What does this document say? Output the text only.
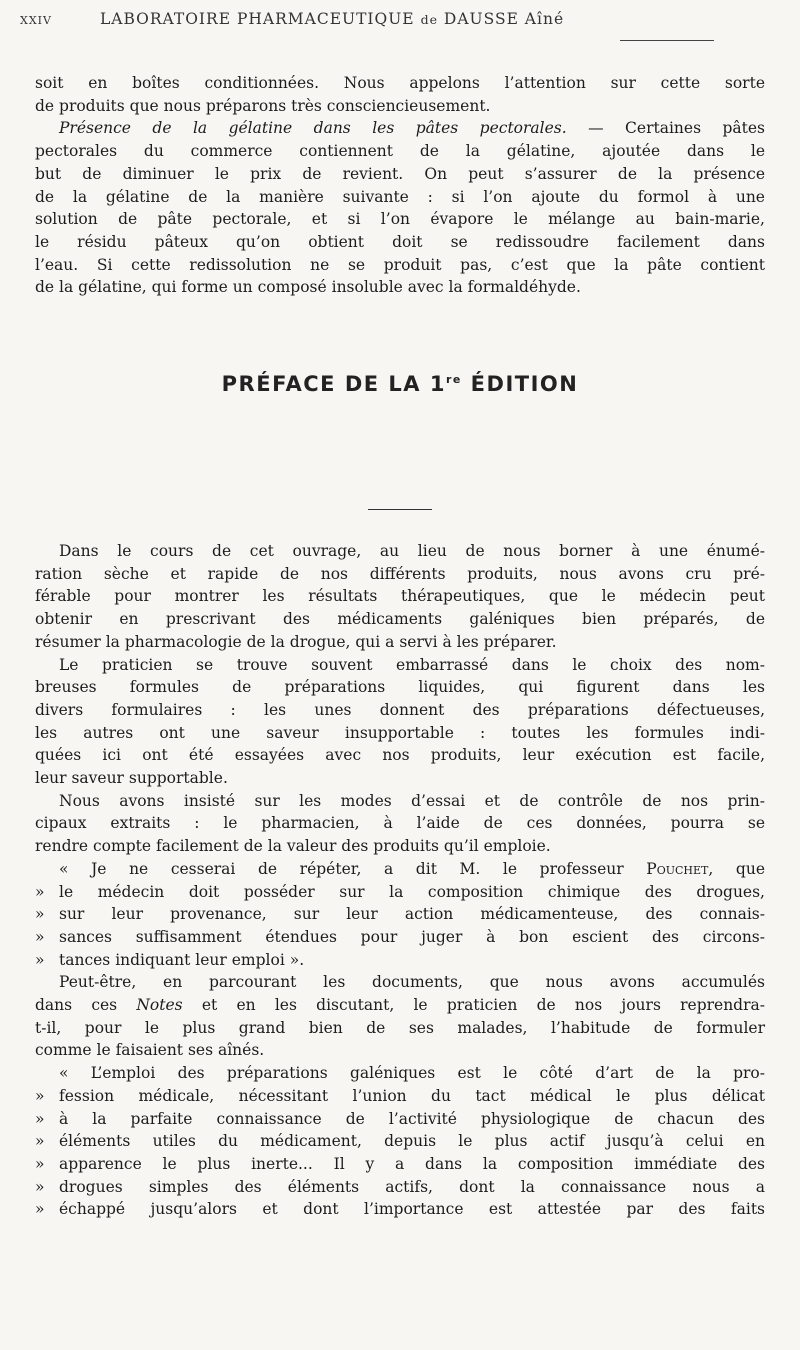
XXIV	LABORATOIRE PHARMACEUTIQUE de DAUSSE Aîné
soit en boîtes conditionnées. Nous appelons l’attention sur cette sorte
de produits que nous préparons très consciencieusement.
Présence de la gélatine dans les pâtes pectorales. — Certaines pâtes
pectorales du commerce contiennent de la gélatine, ajoutée dans le
but de diminuer le prix de revient. On peut s’assurer de la présence
de la gélatine de la manière suivante : si l’on ajoute du formol à une
solution de pâte pectorale, et si l’on évapore le mélange au bain-marie,
le résidu pâteux qu’on obtient doit se redissoudre facilement dans
l’eau. Si cette redissolution ne se produit pas, c’est que la pâte contient
de la gélatine, qui forme un composé insoluble avec la formaldéhyde.
PRÉFACE DE LA 1re ÉDITION
Dans le cours de cet ouvrage, au lieu de nous borner à une énumé-
ration sèche et rapide de nos différents produits, nous avons cru pré-
férable pour montrer les résultats thérapeutiques, que le médecin peut
obtenir en prescrivant des médicaments galéniques bien préparés, de
résumer la pharmacologie de la drogue, qui a servi à les préparer.
Le praticien se trouve souvent embarrassé dans le choix des nom-
breuses formules de préparations liquides, qui figurent dans les
divers formulaires : les unes donnent des préparations défectueuses,
les autres ont une saveur insupportable : toutes les formules indi-
quées ici ont été essayées avec nos produits, leur exécution est facile,
leur saveur supportable.
Nous avons insisté sur les modes d’essai et de contrôle de nos prin-
cipaux extraits : le pharmacien, à l’aide de ces données, pourra se
rendre compte facilement de la valeur des produits qu’il emploie.
« Je ne cesserai de répéter, a dit M. le professeur Pouchet, que
» le médecin doit posséder sur la composition chimique des drogues,
» sur leur provenance, sur leur action médicamenteuse, des connais-
» sances suffisamment étendues pour juger à bon escient des circons-
» tances indiquant leur emploi ».
Peut-être, en parcourant les documents, que nous avons accumulés
dans ces Notes et en les discutant, le praticien de nos jours reprendra-
t-il, pour le plus grand bien de ses malades, l’habitude de formuler
comme le faisaient ses aînés.
« L’emploi des préparations galéniques est le côté d’art de la pro-
» fession médicale, nécessitant l’union du tact médical le plus délicat
» à la parfaite connaissance de l’activité physiologique de chacun des
» éléments utiles du médicament, depuis le plus actif jusqu’à celui en
» apparence le plus inerte... Il y a dans la composition immédiate des
» drogues simples des éléments actifs, dont la connaissance nous a
» échappé jusqu’alors et dont l’importance est attestée par des faits
